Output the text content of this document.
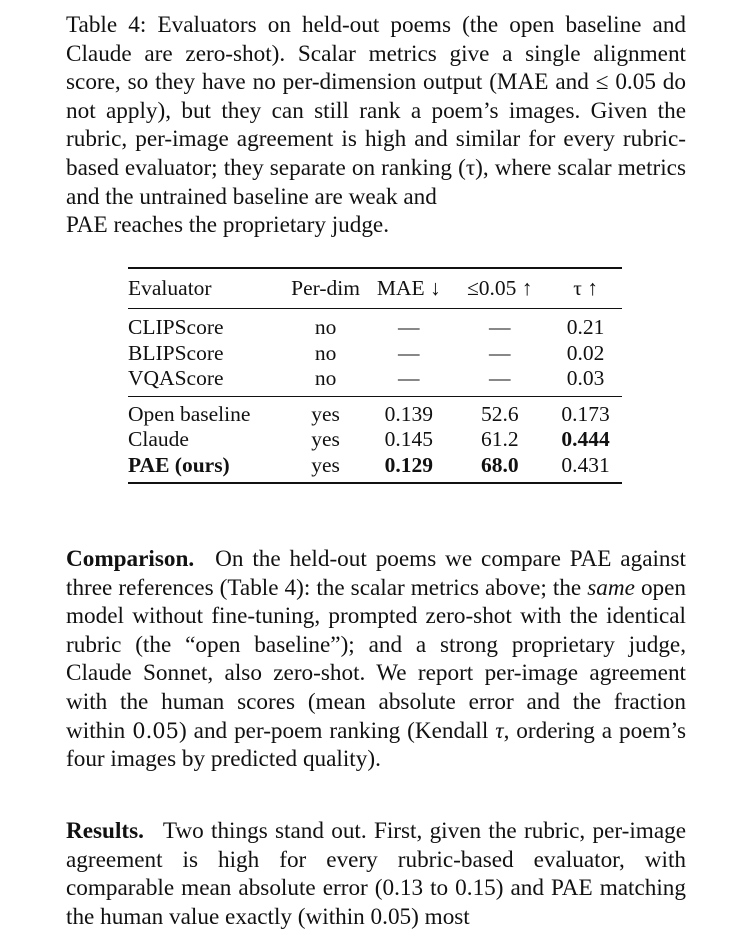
Table 4: Evaluators on held-out poems (the open baseline and Claude are zero-shot). Scalar metrics give a single alignment score, so they have no per-dimension output (MAE and ≤ 0.05 do not apply), but they can still rank a poem’s images. Given the rubric, per-image agreement is high and similar for every rubric-based evaluator; they separate on ranking (τ), where scalar metrics and the untrained baseline are weak and
PAE reaches the proprietary judge.
Evaluator	Per-dim	MAE ↓	≤0.05 ↑	τ ↑
CLIPScore	no	—	—	0.21
BLIPScore	no	—	—	0.02
VQAScore	no	—	—	0.03
Open baseline	yes	0.139	52.6	0.173
Claude	yes	0.145	61.2	0.444
PAE (ours)	yes	0.129	68.0	0.431
Comparison. On the held-out poems we compare PAE against three references (Table 4): the scalar metrics above; the same open model without fine-tuning, prompted zero-shot with the identical rubric (the “open baseline”); and a strong proprietary judge, Claude Sonnet, also zero-shot. We report per-image agreement with the human scores (mean absolute error and the fraction within 0.05) and per-poem ranking (Kendall τ, ordering a poem’s four images by predicted quality).
Results. Two things stand out. First, given the rubric, per-image agreement is high for every rubric-based evaluator, with comparable mean absolute error (0.13 to 0.15) and PAE matching the human value exactly (within 0.05) most
